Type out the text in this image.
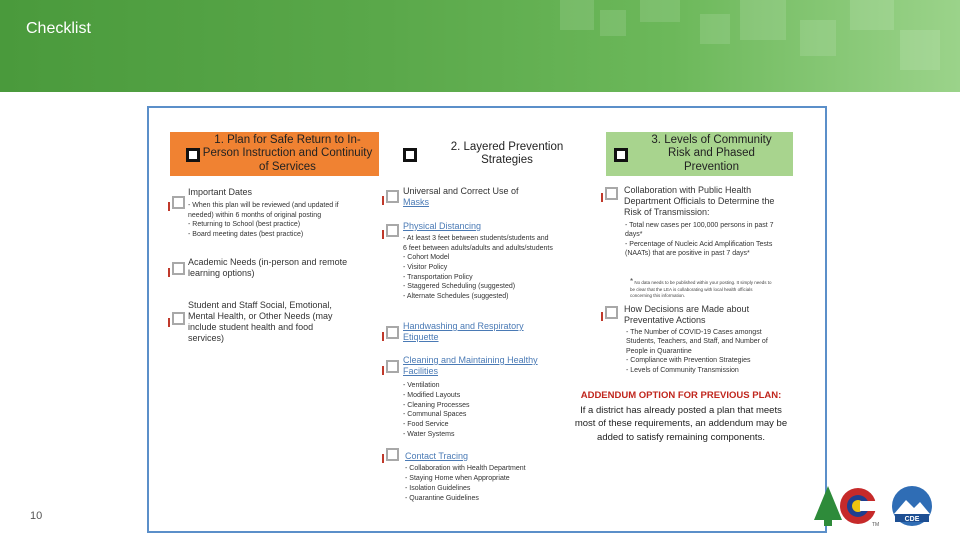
Checklist
1. Plan for Safe Return to In-Person Instruction and Continuity of Services
2. Layered Prevention Strategies
3. Levels of Community Risk and Phased Prevention
Important Dates
- When this plan will be reviewed (and updated if needed) within 6 months of original posting
- Returning to School (best practice)
- Board meeting dates (best practice)
Academic Needs (in-person and remote learning options)
Student and Staff Social, Emotional, Mental Health, or Other Needs (may include student health and food services)
Universal and Correct Use of
Masks
Physical Distancing
- At least 3 feet between students/students and 6 feet between adults/adults and adults/students
- Cohort Model
- Visitor Policy
- Transportation Policy
- Staggered Scheduling (suggested)
- Alternate Schedules (suggested)
Handwashing and Respiratory Etiquette
Cleaning and Maintaining Healthy Facilities
- Ventilation
- Modified Layouts
- Cleaning Processes
- Communal Spaces
- Food Service
- Water Systems
Contact Tracing
- Collaboration with Health Department
- Staying Home when Appropriate
- Isolation Guidelines
- Quarantine Guidelines
Collaboration with Public Health Department Officials to Determine the Risk of Transmission:
- Total new cases per 100,000 persons in past 7 days*
- Percentage of Nucleic Acid Amplification Tests (NAATs) that are positive in past 7 days*
* No data needs to be published within your posting. It simply needs to be clear that the LEA is collaborating with local health officials concerning this information.
How Decisions are Made about Preventative Actions
- The Number of COVID-19 Cases amongst Students, Teachers, and Staff, and Number of People in Quarantine
- Compliance with Prevention Strategies
- Levels of Community Transmission
ADDENDUM OPTION FOR PREVIOUS PLAN:
If a district has already posted a plan that meets most of these requirements, an addendum may be added to satisfy remaining components.
10
TM
CDE
